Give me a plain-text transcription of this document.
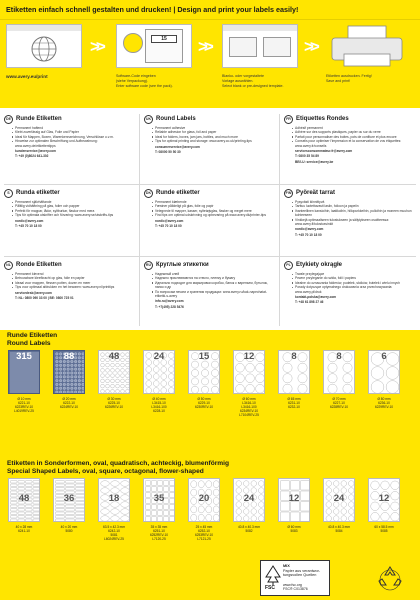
Etiketten einfach schnell gestalten und drucken! | Design and print your labels easily!
www.avery.eu/print
>>	15
Software-Code eingeben
(siehe Verpackung).
Enter software code (see the pack).
>>
Blanko- oder vorgestaltete
Vorlage auswählen.
Select blank or pre-designed template.
>>
Etiketten ausdrucken. Fertig!
Save and print!
DE Runde Etiketten
Permanent haftend
Klebt zuverlässig auf Glas, Folie und Papier
Ideal für Mappen, Boxen, Warenkennzeichnung, Verschlüsse u.v.m.
Hinweise zur optimalen Beschriftung und Aufbewahrung: www.avery.de/etikettentipps
kundenservice@avery.com
T: +49 (0)8024 641-302
UK Round Labels
Permanent adhesive
Reliable adhesion for glass, foil and paper
Ideal for folders, boxes, jam jars, bottles, and much more
Tips for optimal printing and storage: www.avery.co.uk/printing-tips
consumerservice@avery.com
T: 08000 50 50 30
FR Etiquettes Rondes
Adhésif permanent
Adhère sur des supports plastiques, papier ou sur du verre
Parfait pour personnaliser des boites, pots de confiture et plus encore
Conseils pour optimiser l'impression et la conservation de vos étiquettes: www.avery.fr/conseils
servicesconsommateur.fr@avery.com
T: 0800 35 54 89
BE/LU: service@avery.be
S	Runda etiketter
Permanent självhäftande
Pålitlig vidhäftning på glas, folier och papper
Perfekt för mappar, lådor, syltburkar, flaskor med mera
Tips för optimala utskrifter och förvaring: www.avery.se/utskrifts-tips
nordic@avery.com
T: +45 70 10 18 00
DK Runde etiketter
Permanent klæbende
Fæstner pålideligt på glas, folie og papir
Velegnede til mapper, kasser, syltetøjsglas, flasker og meget mere
Find tips om optimal udskrivning og opbevaring på www.avery.dk/printer-tips
nordic@avery.com
T: +45 70 10 18 00
FIN Pyöreät tarrat
Pysyvästi kiinnittyvä
Tarttuu luotettavasti lasiin, folioon ja papeiin
Ihanteellinen kansioihin, laatikoihin, hillopurkkeihin, pulloihin ja moneen muuhun kohteeseen
Vinkkejä optimaaliseen tulostukseen ja säilytykseen osoitteessa: www.avery.fi/tulostusvinkit
nordic@avery.com
T: +45 70 10 18 00
NL Ronde Etiketten
Permanent klevend
Betrouwbare kleefkracht op glas, folie en papier
Ideaal voor mappen, flessen potten, dozen en meer
Tips voor optimaal afdrukken en het bewaren: www.avery.nl/printtips
servicedesk@avery.com
T: NL: 0800 090 33 00 | BE: 0800 725 01
RU Круглые этикетки
Надежный клей
Надежно приклеиваются на стекло, пленку и бумагу
Идеально подходят для маркировки коробок, банок с вареньем, бутылок, папок и др
По вопросам печати и хранения продукции: www.avery.ru/kak-napechatat-etiketki-s-avery
info.ru@avery.com
T: +7(495) 228 5476
PL Etykiety okrągłe
Trwale przylegające
Pewne przyleganie do szkła, folii i papieru
Idealne do oznaczania folderów, pudełek, słoików, butelek i wielu innych
Porady dotyczące optymalnego drukowania oraz przechowywania: www.avery.pl/druk
kontakt-polska@avery.com
T: +48 61 898 27 46
Runde Etiketten
Round Labels
315
Ø 10 mm
6221-10
6223REV-10
L4019REV-25
88
Ø 20 mm
6222-10
6224REV-10
48
Ø 30 mm
6225-10
6226REV-10
24
Ø 40 mm
L3415-10
L3416-100
6228-10
15
Ø 50 mm
6229-10
6230REV-10
12
Ø 60 mm
L3416-10
L3416-100
6234REV-10
L7104REV-25
8
Ø 65 mm
6231-10
6232-10
8
Ø 70 mm
6227-10
6228REV-10
6
Ø 80 mm
6236-10
6229REV-10
Etiketten in Sonderformen, oval, quadratisch, achteckig, blumenförmig
Special Shaped Labels, oval, square, octagonal, flower-shaped
48
40 x 28 mm
6241-10
36
40 x 20 mm
5080
18
63.5 x 42.3 mm
6242-10
5081
L6024REV-25
35
35 x 35 mm
6251-10
6252REV-10
L7120-25
20
25 x 45 mm
6252-10
6253REV-10
L7121-25
24
40.8 x 40.3 mm
5082
12
Ø 60 mm
5083
24
40.8 x 40.3 mm
5084
12
60 x 58.5 mm
5085
MIX
Papier aus verantwor-
tungsvollen Quellen
FSC www.fsc.org
FSC® C013876
